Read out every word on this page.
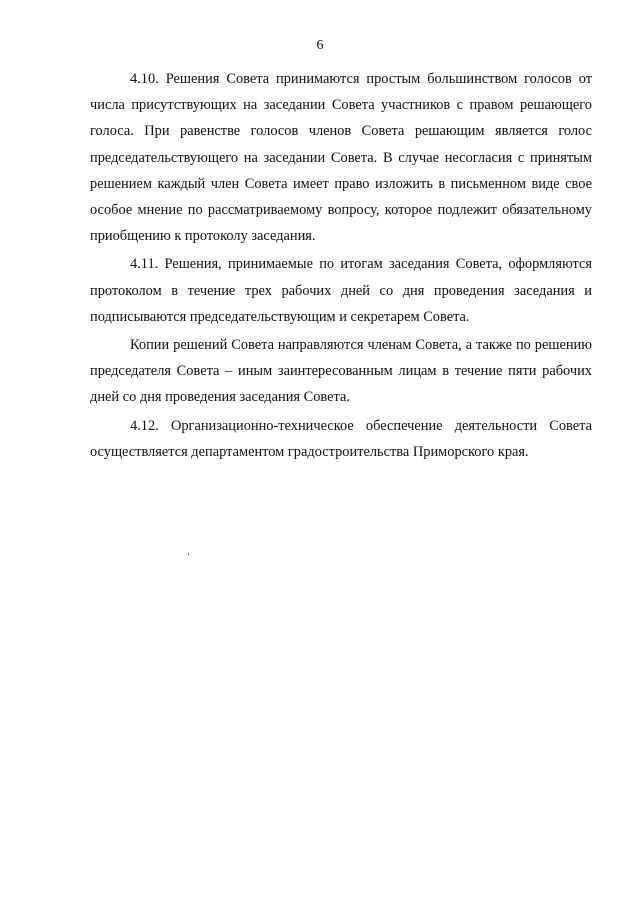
6

4.10. Решения Совета принимаются простым большинством голосов от числа присутствующих на заседании Совета участников с правом решающего голоса. При равенстве голосов членов Совета решающим является голос председательствующего на заседании Совета. В случае несогласия с принятым решением каждый член Совета имеет право изложить в письменном виде свое особое мнение по рассматриваемому вопросу, которое подлежит обязательному приобщению к протоколу заседания.

4.11. Решения, принимаемые по итогам заседания Совета, оформляются протоколом в течение трех рабочих дней со дня проведения заседания и подписываются председательствующим и секретарем Совета.

Копии решений Совета направляются членам Совета, а также по решению председателя Совета – иным заинтересованным лицам в течение пяти рабочих дней со дня проведения заседания Совета.

4.12. Организационно-техническое обеспечение деятельности Совета осуществляется департаментом градостроительства Приморского края.
